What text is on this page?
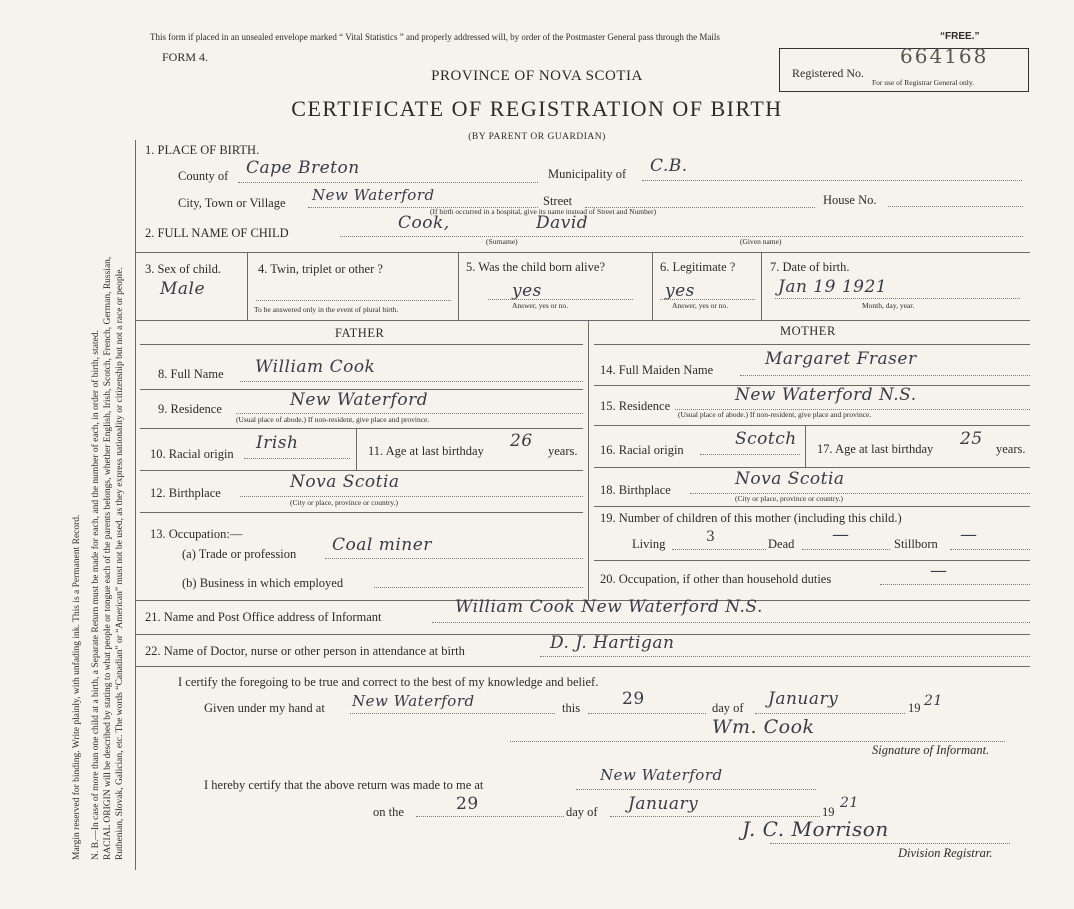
Margin reserved for binding. Write plainly, with unfading ink. This is a Permanent Record. N. B.—In case of more than one child at a birth, a Separate Return must be made for each, and the number of each, in order of birth, stated. RACIAL ORIGIN will be described by stating to what people or tongue each of the parents belongs, whether English, Irish, Scotch, French, German, Russian, Ruthenian, Slovak, Galician, etc. The words “Canadian” or “American” must not be used, as they express nationality or citizenship but not a race or people.
This form if placed in an unsealed envelope marked “ Vital Statistics ” and properly addressed will, by order of the Postmaster General pass through the Mails	“FREE.”
FORM 4.
PROVINCE OF NOVA SCOTIA
CERTIFICATE OF REGISTRATION OF BIRTH
(BY PARENT OR GUARDIAN)
Registered No.
664168
For use of Registrar General only.
1. PLACE OF BIRTH.
County of Cape Breton	Municipality of C.B.
City, Town or Village New Waterford	Street	House No.
(If birth occurred in a hospital, give its name instead of Street and Number)
2. FULL NAME OF CHILD	Cook,	David
(Surname)	(Given name)
3. Sex of child.
Male
4. Twin, triplet or other ?
To be answered only in the event of plural birth.
5. Was the child born alive?
yes
Answer, yes or no.
6. Legitimate ?
yes
Answer, yes or no.
7. Date of birth.
Jan 19 1921
Month, day, year.
FATHER	MOTHER
8. Full Name William Cook
9. Residence	New Waterford
(Usual place of abode.) If non-resident, give place and province.
10. Racial origin
Irish	11. Age at last birthday 26 years.
12. Birthplace
Nova Scotia
(City or place, province or country.)
13. Occupation:—
(a) Trade or profession Coal miner
(b) Business in which employed
14. Full Maiden Name
Margaret Fraser
15. Residence
New Waterford N.S.
(Usual place of abode.) If non-resident, give place and province.
16. Racial origin
Scotch 17. Age at last birthday 25 years.
18. Birthplace
Nova Scotia
(City or place, province or country.)
19. Number of children of this mother (including this child.)
Living	3	Dead —	Stillborn —
20. Occupation, if other than household duties	—
21. Name and Post Office address of Informant	William Cook New Waterford N.S.
22. Name of Doctor, nurse or other person in attendance at birth	D. J. Hartigan
I certify the foregoing to be true and correct to the best of my knowledge and belief.
Given under my hand at New Waterford	this 29	day of January	19 21
Wm. Cook
Signature of Informant.
I hereby certify that the above return was made to me at
New Waterford
on the	29	day of January	19
21
J. C. Morrison
Division Registrar.
